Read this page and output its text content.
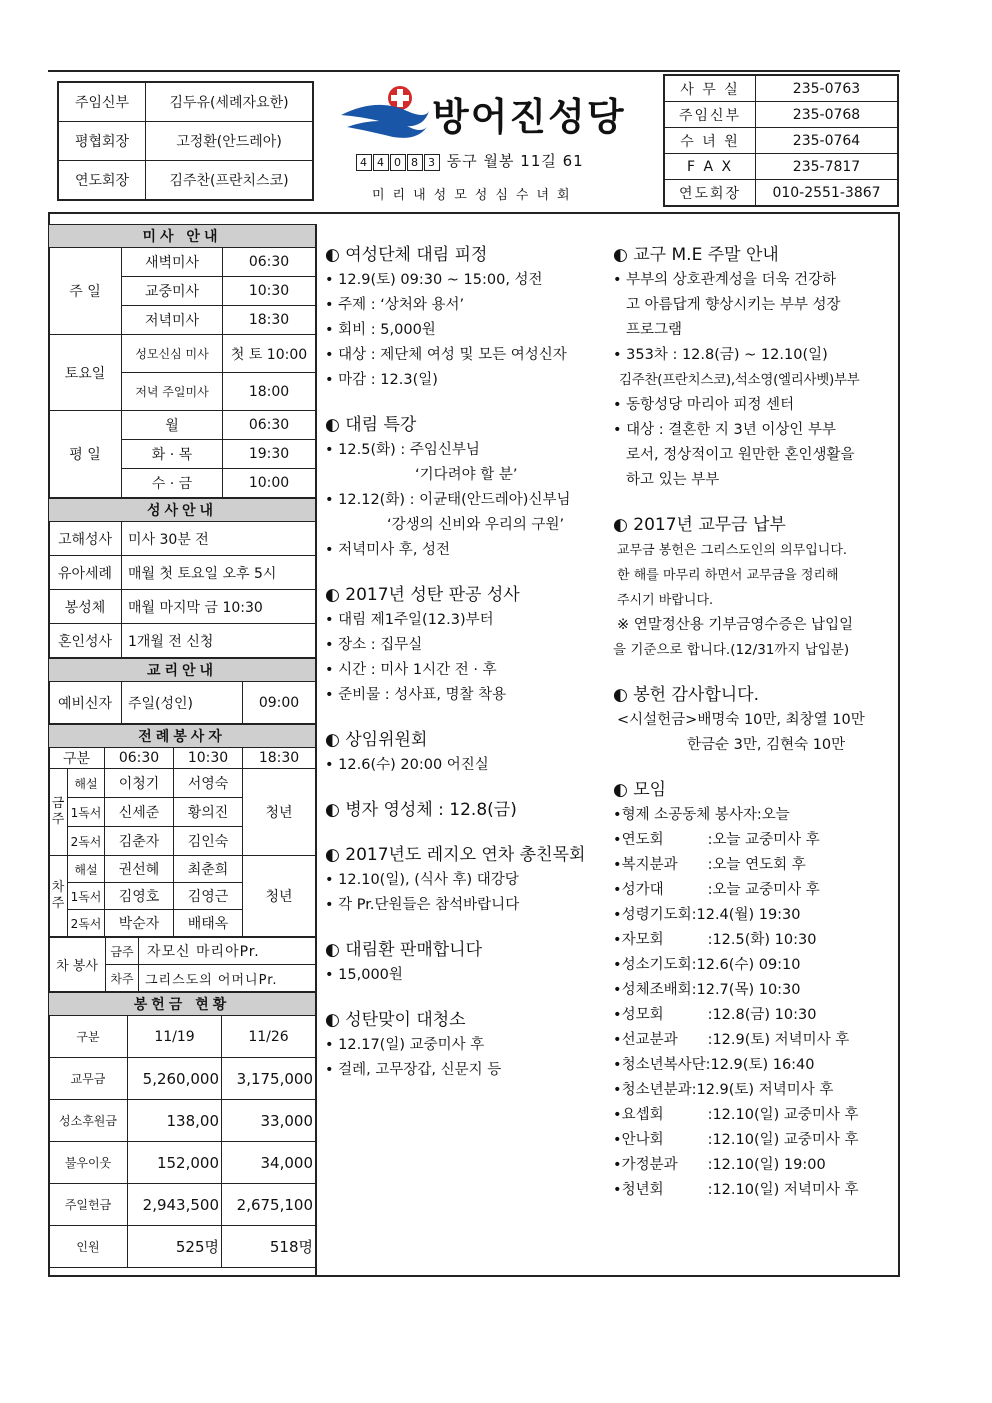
주임신부	김두유(세례자요한)
평협회장	고정환(안드레아)
연도회장	김주찬(프란치스코)
방어진성당
4 4 0 8 3 동구 월봉 11길 61
미리내성모성심수녀회
사 무 실	235-0763
주임신부	235-0768
수 녀 원	235-0764
F A X	235-7817
연도회장	010-2551-3867
미사 안내		
주 일	새벽미사	06:30
	교중미사	10:30
	저녁미사	18:30
토요일	성모신심 미사	첫 토 10:00
	저녁 주일미사	18:00
평 일	월	06:30
	화 · 목	19:30
	수 · 금	10:00
성사안내	
고해성사	미사 30분 전
유아세례	매월 첫 토요일 오후 5시
봉성체	매월 마지막 금 10:30
혼인성사	1개월 전 신청
교리안내
예비신자	주일(성인)	09:00
전례봉사자				
구분		06:30	10:30	18:30
금주	해설	이청기	서영숙	청년
	1독서	신세준	황의진	
	2독서	김춘자	김인숙	
차주	해설	권선혜	최춘희	청년
	1독서	김영호	김영근	
	2독서	박순자	배태옥	
차 봉사	금주	자모신 마리아Pr.
	차주	그리스도의 어머니Pr.
봉헌금 현황		
구분	11/19	11/26
교무금	5,260,000	3,175,000
성소후원금	138,00	33,000
불우이웃	152,000	34,000
주일헌금	2,943,500	2,675,100
인원	525명	518명
◐ 여성단체 대림 피정
• 12.9(토) 09:30 ~ 15:00, 성전
• 주제 : ‘상처와 용서’
• 회비 : 5,000원
• 대상 : 제단체 여성 및 모든 여성신자
• 마감 : 12.3(일)
◐ 대림 특강
• 12.5(화) : 주임신부님
‘기다려야 할 분’
• 12.12(화) : 이균태(안드레아)신부님
‘강생의 신비와 우리의 구원’
• 저녁미사 후, 성전
◐ 2017년 성탄 판공 성사
• 대림 제1주일(12.3)부터
• 장소 : 집무실
• 시간 : 미사 1시간 전 · 후
• 준비물 : 성사표, 명찰 착용
◐ 상임위원회
• 12.6(수) 20:00 어진실
◐ 병자 영성체 : 12.8(금)
◐ 2017년도 레지오 연차 총친목회
• 12.10(일), (식사 후) 대강당
• 각 Pr.단원들은 참석바랍니다
◐ 대림환 판매합니다
• 15,000원
◐ 성탄맞이 대청소
• 12.17(일) 교중미사 후
• 걸레, 고무장갑, 신문지 등
◐ 교구 M.E 주말 안내
• 부부의 상호관계성을 더욱 건강하
고 아름답게 향상시키는 부부 성장
프로그램
• 353차 : 12.8(금) ~ 12.10(일)
김주찬(프란치스코),석소영(엘리사벳)부부
• 동항성당 마리아 피정 센터
• 대상 : 결혼한 지 3년 이상인 부부
로서, 정상적이고 원만한 혼인생활을
하고 있는 부부
◐ 2017년 교무금 납부
교무금 봉헌은 그리스도인의 의무입니다.
한 해를 마무리 하면서 교무금을 정리해
주시기 바랍니다.
※ 연말정산용 기부금영수증은 납입일
을 기준으로 합니다.(12/31까지 납입분)
◐ 봉헌 감사합니다.
<시설헌금>배명숙 10만, 최창열 10만
한금순 3만, 김현숙 10만
◐ 모임
• 형제 소공동체 봉사자 : 오늘
• 연도회	: 오늘 교중미사 후
• 복지분과	: 오늘 연도회 후
• 성가대	: 오늘 교중미사 후
• 성령기도회 : 12.4(월) 19:30
• 자모회	: 12.5(화) 10:30
• 성소기도회 : 12.6(수) 09:10
• 성체조배회 : 12.7(목) 10:30
• 성모회	: 12.8(금) 10:30
• 선교분과	: 12.9(토) 저녁미사 후
• 청소년복사단 : 12.9(토) 16:40
• 청소년분과: 12.9(토) 저녁미사 후
• 요셉회	: 12.10(일) 교중미사 후
• 안나회	: 12.10(일) 교중미사 후
• 가정분과	: 12.10(일) 19:00
• 청년회	: 12.10(일) 저녁미사 후
